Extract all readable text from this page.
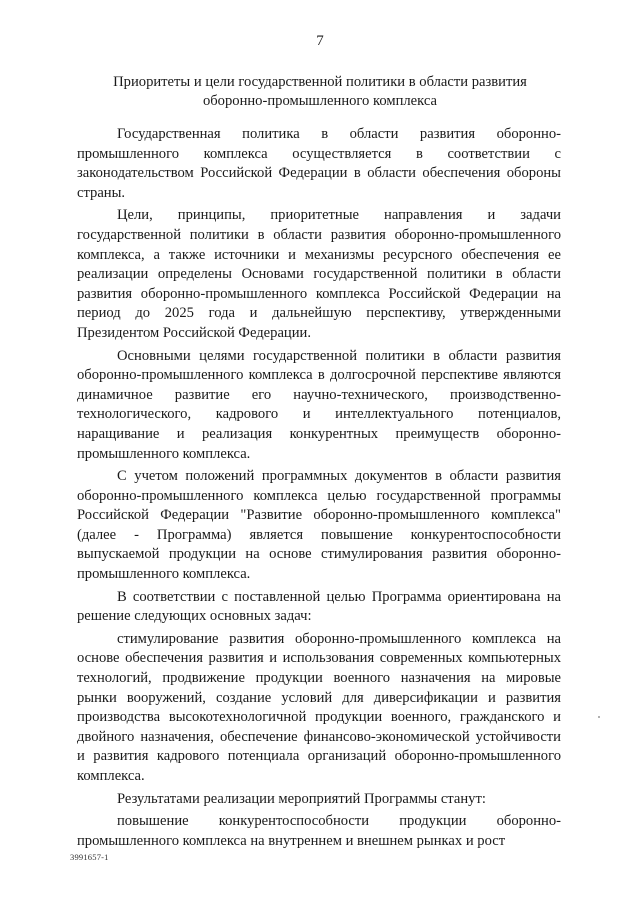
7
Приоритеты и цели государственной политики в области развития
оборонно-промышленного комплекса

Государственная политика в области развития оборонно-промышленного комплекса осуществляется в соответствии с законодательством Российской Федерации в области обеспечения обороны страны.

Цели, принципы, приоритетные направления и задачи государственной политики в области развития оборонно-промышленного комплекса, а также источники и механизмы ресурсного обеспечения ее реализации определены Основами государственной политики в области развития оборонно-промышленного комплекса Российской Федерации на период до 2025 года и дальнейшую перспективу, утвержденными Президентом Российской Федерации.

Основными целями государственной политики в области развития оборонно-промышленного комплекса в долгосрочной перспективе являются динамичное развитие его научно-технического, производственно-технологического, кадрового и интеллектуального потенциалов, наращивание и реализация конкурентных преимуществ оборонно-промышленного комплекса.

С учетом положений программных документов в области развития оборонно-промышленного комплекса целью государственной программы Российской Федерации "Развитие оборонно-промышленного комплекса" (далее - Программа) является повышение конкурентоспособности выпускаемой продукции на основе стимулирования развития оборонно-промышленного комплекса.

В соответствии с поставленной целью Программа ориентирована на решение следующих основных задач:

стимулирование развития оборонно-промышленного комплекса на основе обеспечения развития и использования современных компьютерных технологий, продвижение продукции военного назначения на мировые рынки вооружений, создание условий для диверсификации и развития производства высокотехнологичной продукции военного, гражданского и двойного назначения, обеспечение финансово-экономической устойчивости и развития кадрового потенциала организаций оборонно-промышленного комплекса.

Результатами реализации мероприятий Программы станут:

повышение конкурентоспособности продукции оборонно-промышленного комплекса на внутреннем и внешнем рынках и рост

3991657-1
